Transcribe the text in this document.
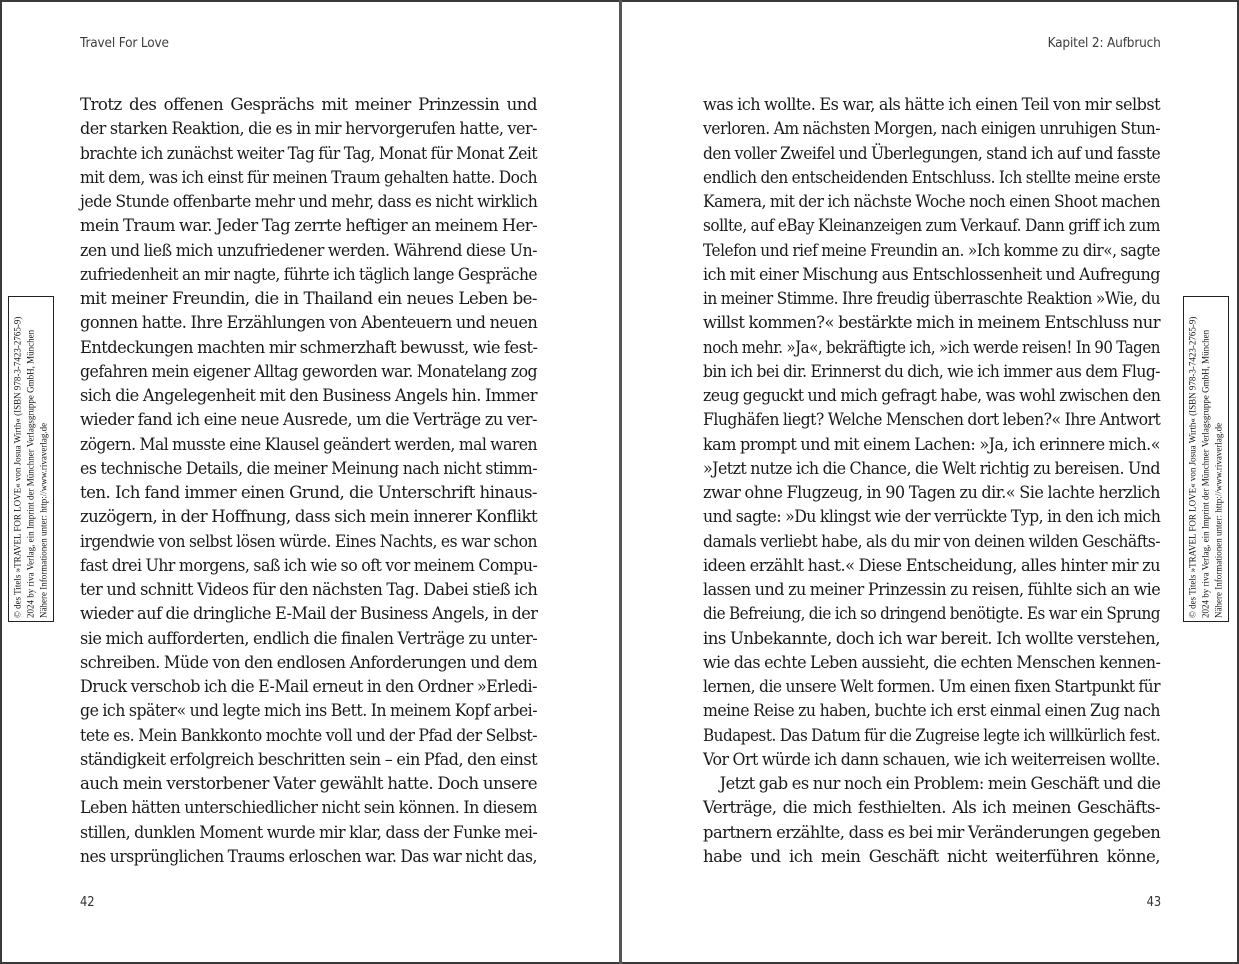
Travel For Love
Trotz des offenen Gesprächs mit meiner Prinzessin und
der starken Reaktion, die es in mir hervorgerufen hatte, ver-
brachte ich zunächst weiter Tag für Tag, Monat für Monat Zeit
mit dem, was ich einst für meinen Traum gehalten hatte. Doch
jede Stunde offenbarte mehr und mehr, dass es nicht wirklich
mein Traum war. Jeder Tag zerrte heftiger an meinem Her-
zen und ließ mich unzufriedener werden. Während diese Un-
zufriedenheit an mir nagte, führte ich täglich lange Gespräche
mit meiner Freundin, die in Thailand ein neues Leben be-
gonnen hatte. Ihre Erzählungen von Abenteuern und neuen
Entdeckungen machten mir schmerzhaft bewusst, wie fest-
gefahren mein eigener Alltag geworden war. Monatelang zog
sich die Angelegenheit mit den Business Angels hin. Immer
wieder fand ich eine neue Ausrede, um die Verträge zu ver-
zögern. Mal musste eine Klausel geändert werden, mal waren
es technische Details, die meiner Meinung nach nicht stimm-
ten. Ich fand immer einen Grund, die Unterschrift hinaus-
zuzögern, in der Hoffnung, dass sich mein innerer Konflikt
irgendwie von selbst lösen würde. Eines Nachts, es war schon
fast drei Uhr morgens, saß ich wie so oft vor meinem Compu-
ter und schnitt Videos für den nächsten Tag. Dabei stieß ich
wieder auf die dringliche E-Mail der Business Angels, in der
sie mich aufforderten, endlich die finalen Verträge zu unter-
schreiben. Müde von den endlosen Anforderungen und dem
Druck verschob ich die E-Mail erneut in den Ordner »Erledi-
ge ich später« und legte mich ins Bett. In meinem Kopf arbei-
tete es. Mein Bankkonto mochte voll und der Pfad der Selbst-
ständigkeit erfolgreich beschritten sein – ein Pfad, den einst
auch mein verstorbener Vater gewählt hatte. Doch unsere
Leben hätten unterschiedlicher nicht sein können. In diesem
stillen, dunklen Moment wurde mir klar, dass der Funke mei-
nes ursprünglichen Traums erloschen war. Das war nicht das,
42
Kapitel 2: Aufbruch
was ich wollte. Es war, als hätte ich einen Teil von mir selbst
verloren. Am nächsten Morgen, nach einigen unruhigen Stun-
den voller Zweifel und Überlegungen, stand ich auf und fasste
endlich den entscheidenden Entschluss. Ich stellte meine erste
Kamera, mit der ich nächste Woche noch einen Shoot machen
sollte, auf eBay Kleinanzeigen zum Verkauf. Dann griff ich zum
Telefon und rief meine Freundin an. »Ich komme zu dir«, sagte
ich mit einer Mischung aus Entschlossenheit und Aufregung
in meiner Stimme. Ihre freudig überraschte Reaktion »Wie, du
willst kommen?« bestärkte mich in meinem Entschluss nur
noch mehr. »Ja«, bekräftigte ich, »ich werde reisen! In 90 Tagen
bin ich bei dir. Erinnerst du dich, wie ich immer aus dem Flug-
zeug geguckt und mich gefragt habe, was wohl zwischen den
Flughäfen liegt? Welche Menschen dort leben?« Ihre Antwort
kam prompt und mit einem Lachen: »Ja, ich erinnere mich.«
»Jetzt nutze ich die Chance, die Welt richtig zu bereisen. Und
zwar ohne Flugzeug, in 90 Tagen zu dir.« Sie lachte herzlich
und sagte: »Du klingst wie der verrückte Typ, in den ich mich
damals verliebt habe, als du mir von deinen wilden Geschäfts-
ideen erzählt hast.« Diese Entscheidung, alles hinter mir zu
lassen und zu meiner Prinzessin zu reisen, fühlte sich an wie
die Befreiung, die ich so dringend benötigte. Es war ein Sprung
ins Unbekannte, doch ich war bereit. Ich wollte verstehen,
wie das echte Leben aussieht, die echten Menschen kennen-
lernen, die unsere Welt formen. Um einen fixen Startpunkt für
meine Reise zu haben, buchte ich erst einmal einen Zug nach
Budapest. Das Datum für die Zugreise legte ich willkürlich fest.
Vor Ort würde ich dann schauen, wie ich weiterreisen wollte.
Jetzt gab es nur noch ein Problem: mein Geschäft und die
Verträge, die mich festhielten. Als ich meinen Geschäfts-
partnern erzählte, dass es bei mir Veränderungen gegeben
habe und ich mein Geschäft nicht weiterführen könne,
43
© des Titels »TRAVEL FOR LOVE« von Josua Wirth« (ISBN 978-3-7423-2765-9) 2024 by riva Verlag, ein Imprint der Münchner Verlagsgruppe GmbH, München Nähere Informationen unter: http://www.rivaverlag.de	© des Titels »TRAVEL FOR LOVE« von Josua Wirth« (ISBN 978-3-7423-2765-9) 2024 by riva Verlag, ein Imprint der Münchner Verlagsgruppe GmbH, München Nähere Informationen unter: http://www.rivaverlag.de
